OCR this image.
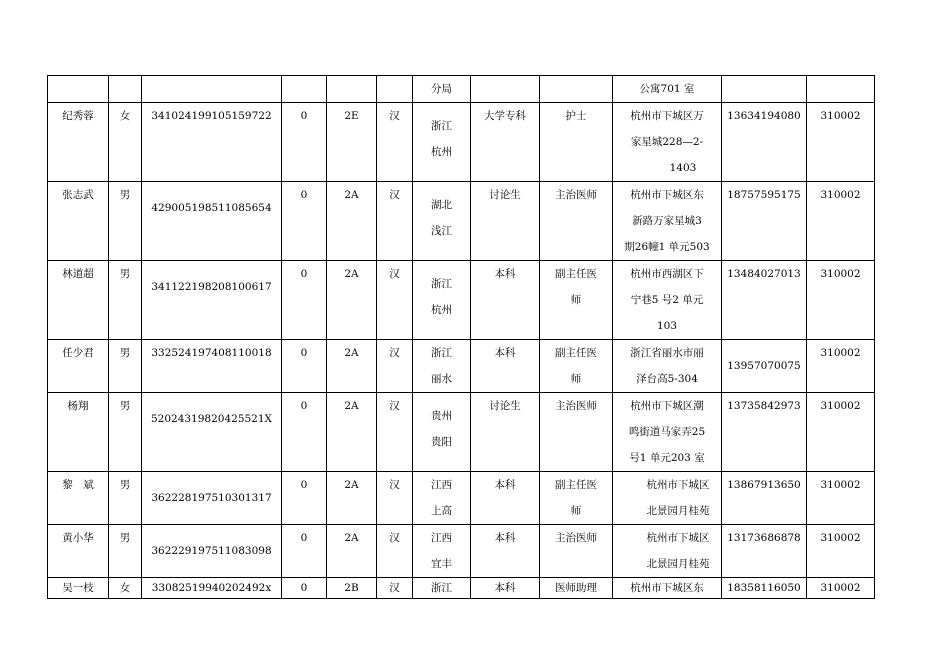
						分局			公寓701 室		
纪秀蓉	女	341024199105159722	0	2E	汉	浙江
杭州	大学专科	护士	杭州市下城区万
家星城228—2-
1403	13634194080	310002
张志武	男	429005198511085654	0	2A	汉	湖北
浅江	讨论生	主治医师	杭州市下城区东
新路万家星城3
期26幢1 单元503	18757595175	310002
林道超	男	341122198208100617	0	2A	汉	浙江
杭州	本科	副主任医
师	杭州市西湖区下
宁巷5 号2 单元
103	13484027013	310002
任少君	男	332524197408110018	0	2A	汉	浙江
丽水	本科	副主任医
师	浙江省丽水市丽
泽台高5-304	13957070075	310002
杨翔	男	52024319820425521X	0	2A	汉	贵州
贵阳	讨论生	主治医师	杭州市下城区潮
鸣街道马家弄25
号1 单元203 室	13735842973	310002
黎　斌	男	362228197510301317	0	2A	汉	江西
上高	本科	副主任医
师	杭州市下城区
北景园月桂苑	13867913650	310002
黄小华	男	362229197511083098	0	2A	汉	江西
宜丰	本科	主治医师	杭州市下城区
北景园月桂苑	13173686878	310002
吴一枝	女	33082519940202492x	0	2B	汉	浙江	本科	医师助理	杭州市下城区东	18358116050	310002
